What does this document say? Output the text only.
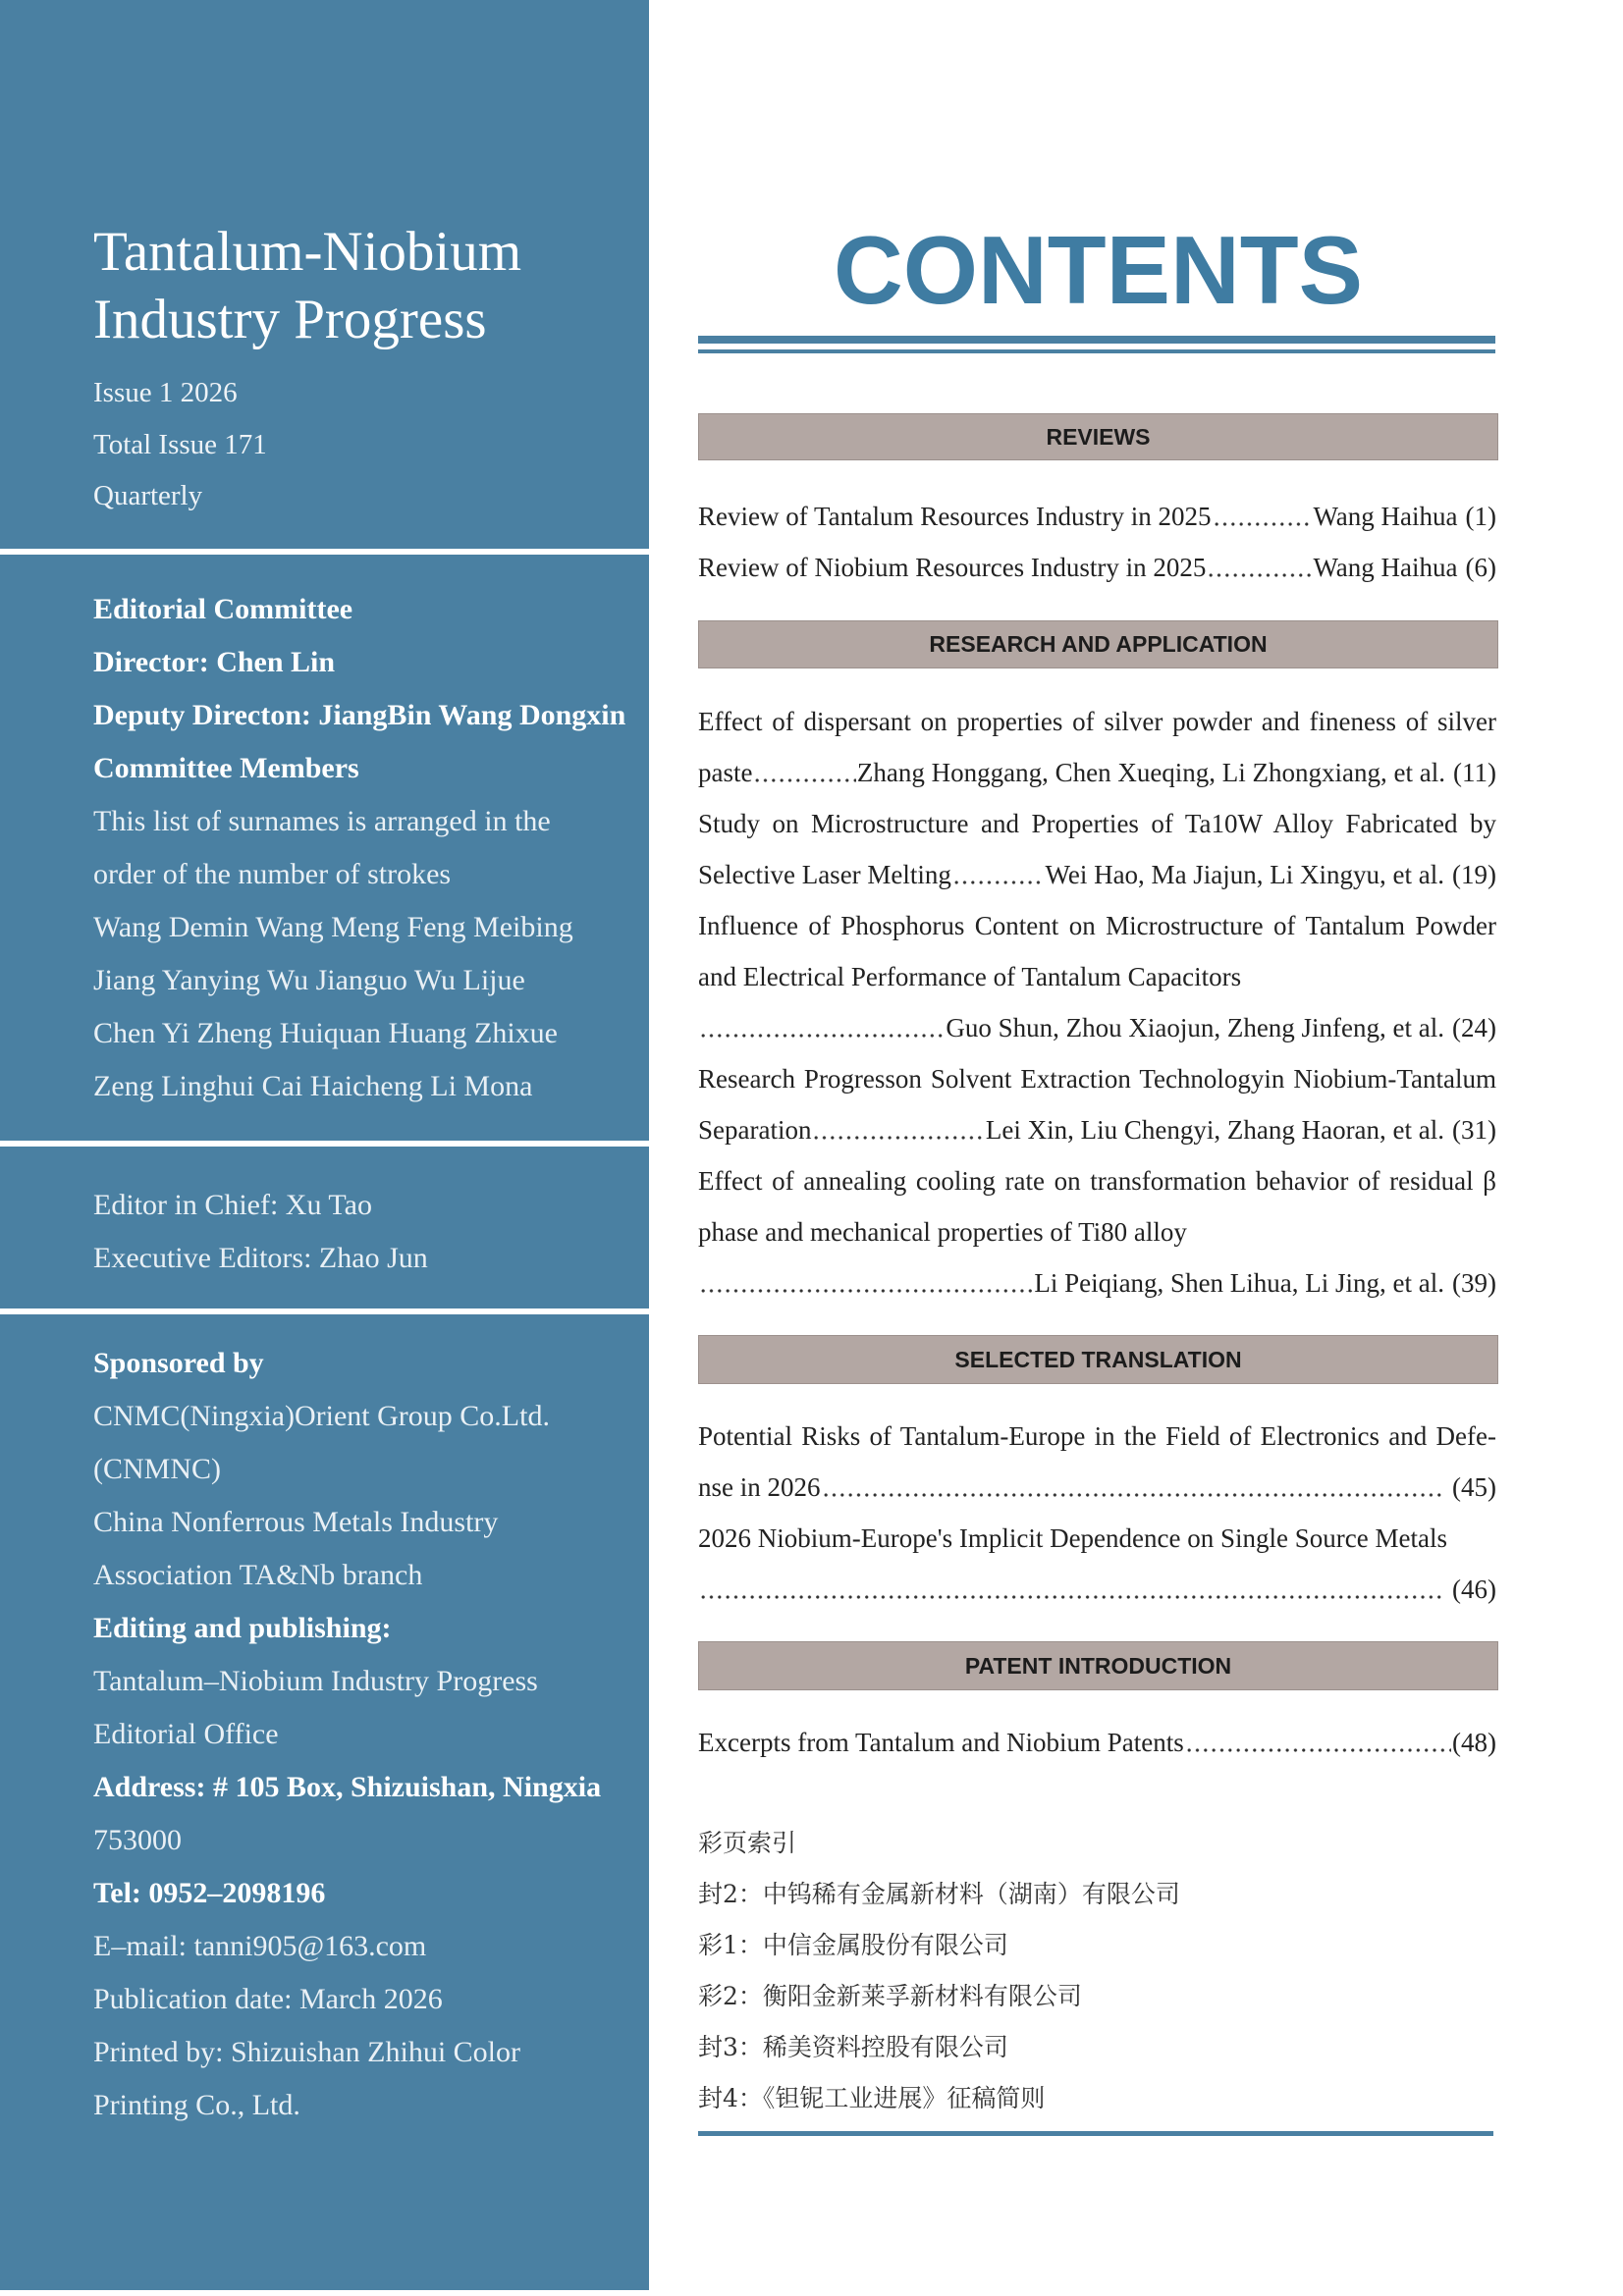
Tantalum-Niobium
Industry Progress
Issue 1 2026
Total Issue 171
Quarterly
Editorial Committee
Director: Chen Lin
Deputy Directon: JiangBin Wang Dongxin
Committee Members
This list of surnames is arranged in the
order of the number of strokes
Wang Demin Wang Meng Feng Meibing
Jiang Yanying Wu Jianguo Wu Lijue
Chen Yi Zheng Huiquan Huang Zhixue
Zeng Linghui Cai Haicheng Li Mona
Editor in Chief: Xu Tao
Executive Editors: Zhao Jun
Sponsored by
CNMC(Ningxia)Orient Group Co.Ltd.
(CNMNC)
China Nonferrous Metals Industry
Association TA&Nb branch
Editing and publishing:
Tantalum–Niobium Industry Progress
Editorial Office
Address: # 105 Box, Shizuishan, Ningxia
753000
Tel: 0952–2098196
E–mail: tanni905@163.com
Publication date: March 2026
Printed by: Shizuishan Zhihui Color
Printing Co., Ltd.
CONTENTS
REVIEWS
Review of Tantalum Resources Industry in 2025	Wang Haihua (1)
Review of Niobium Resources Industry in 2025	Wang Haihua (6)
RESEARCH AND APPLICATION
Effect of dispersant on properties of silver powder and fineness of silver
paste	Zhang Honggang, Chen Xueqing, Li Zhongxiang, et al. (11)
Study on Microstructure and Properties of Ta10W Alloy Fabricated by
Selective Laser Melting	Wei Hao, Ma Jiajun, Li Xingyu, et al. (19)
Influence of Phosphorus Content on Microstructure of Tantalum Powder
and Electrical Performance of Tantalum Capacitors
Guo Shun, Zhou Xiaojun, Zheng Jinfeng, et al. (24)
Research Progresson Solvent Extraction Technologyin Niobium-Tantalum
Separation	Lei Xin, Liu Chengyi, Zhang Haoran, et al. (31)
Effect of annealing cooling rate on transformation behavior of residual β
phase and mechanical properties of Ti80 alloy
Li Peiqiang, Shen Lihua, Li Jing, et al. (39)
SELECTED TRANSLATION
Potential Risks of Tantalum-Europe in the Field of Electronics and Defe-
nse in 2026	(45)
2026 Niobium-Europe's Implicit Dependence on Single Source Metals
(46)
PATENT INTRODUCTION
Excerpts from Tantalum and Niobium Patents	(48)
彩页索引
封2：中钨稀有金属新材料（湖南）有限公司
彩1：中信金属股份有限公司
彩2：衡阳金新莱孚新材料有限公司
封3：稀美资料控股有限公司
封4：《钽铌工业进展》征稿简则
